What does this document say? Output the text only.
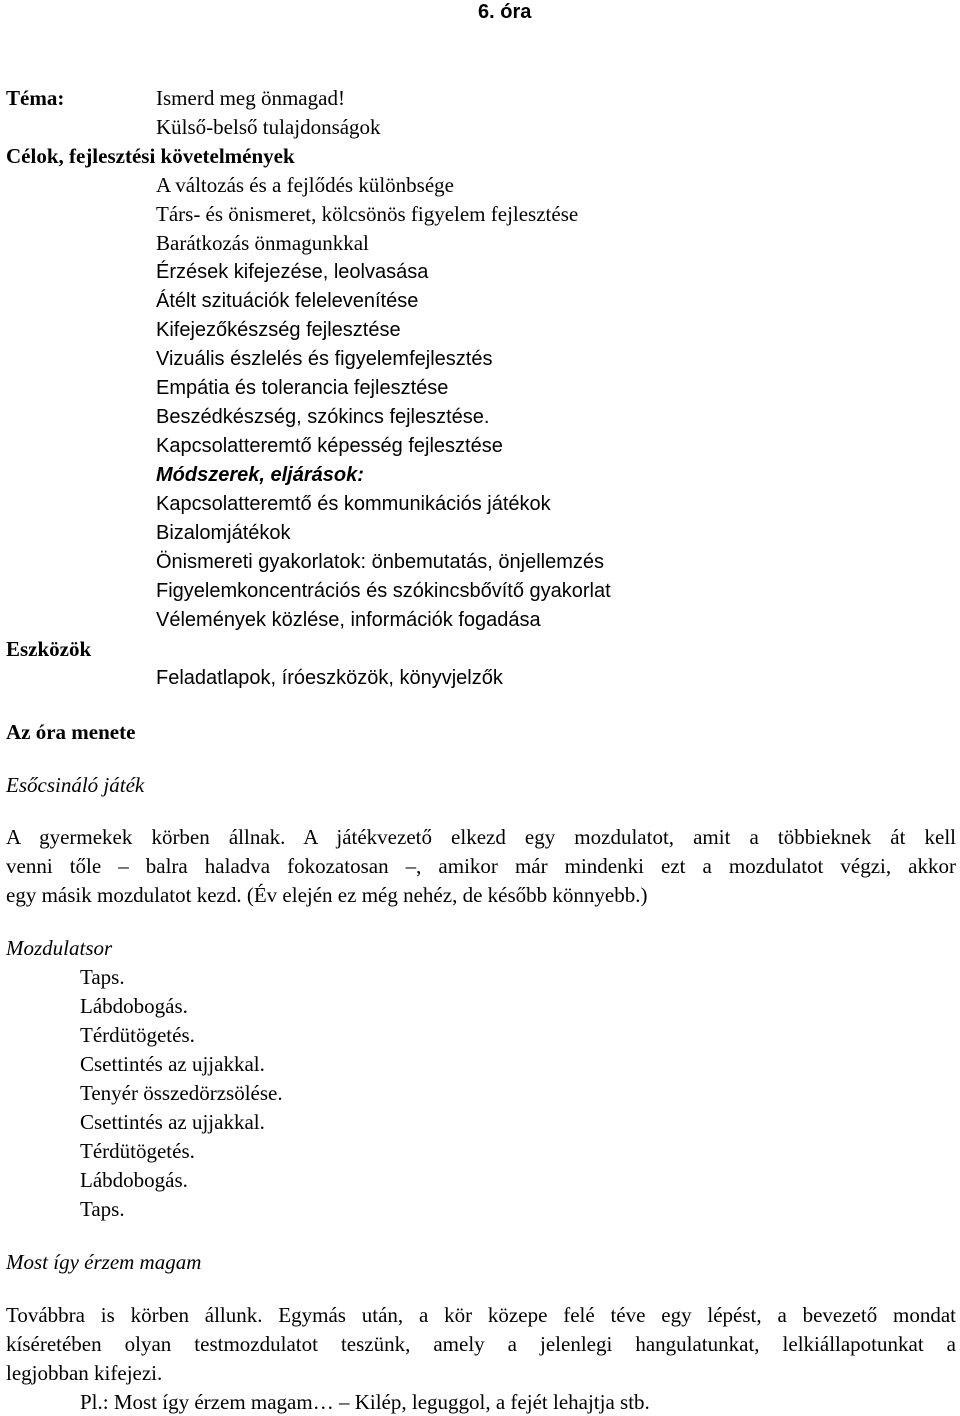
6. óra
Téma:	Ismerd meg önmagad!
Külső-belső tulajdonságok
Célok, fejlesztési követelmények
A változás és a fejlődés különbsége
Társ- és önismeret, kölcsönös figyelem fejlesztése
Barátkozás önmagunkkal
Érzések kifejezése, leolvasása
Átélt szituációk felelevenítése
Kifejezőkészség fejlesztése
Vizuális észlelés és figyelemfejlesztés
Empátia és tolerancia fejlesztése
Beszédkészség, szókincs fejlesztése.
Kapcsolatteremtő képesség fejlesztése
Módszerek, eljárások:
Kapcsolatteremtő és kommunikációs játékok
Bizalomjátékok
Önismereti gyakorlatok: önbemutatás, önjellemzés
Figyelemkoncentrációs és szókincsbővítő gyakorlat
Vélemények közlése, információk fogadása
Eszközök
Feladatlapok, íróeszközök, könyvjelzők
Az óra menete
Esőcsináló játék
A gyermekek körben állnak. A játékvezető elkezd egy mozdulatot, amit a többieknek át kell
venni tőle – balra haladva fokozatosan –, amikor már mindenki ezt a mozdulatot végzi, akkor
egy másik mozdulatot kezd. (Év elején ez még nehéz, de később könnyebb.)
Mozdulatsor
Taps.
Lábdobogás.
Térdütögetés.
Csettintés az ujjakkal.
Tenyér összedörzsölése.
Csettintés az ujjakkal.
Térdütögetés.
Lábdobogás.
Taps.
Most így érzem magam
Továbbra is körben állunk. Egymás után, a kör közepe felé téve egy lépést, a bevezető mondat
kíséretében olyan testmozdulatot teszünk, amely a jelenlegi hangulatunkat, lelkiállapotunkat a
legjobban kifejezi.
Pl.: Most így érzem magam… – Kilép, leguggol, a fejét lehajtja stb.
